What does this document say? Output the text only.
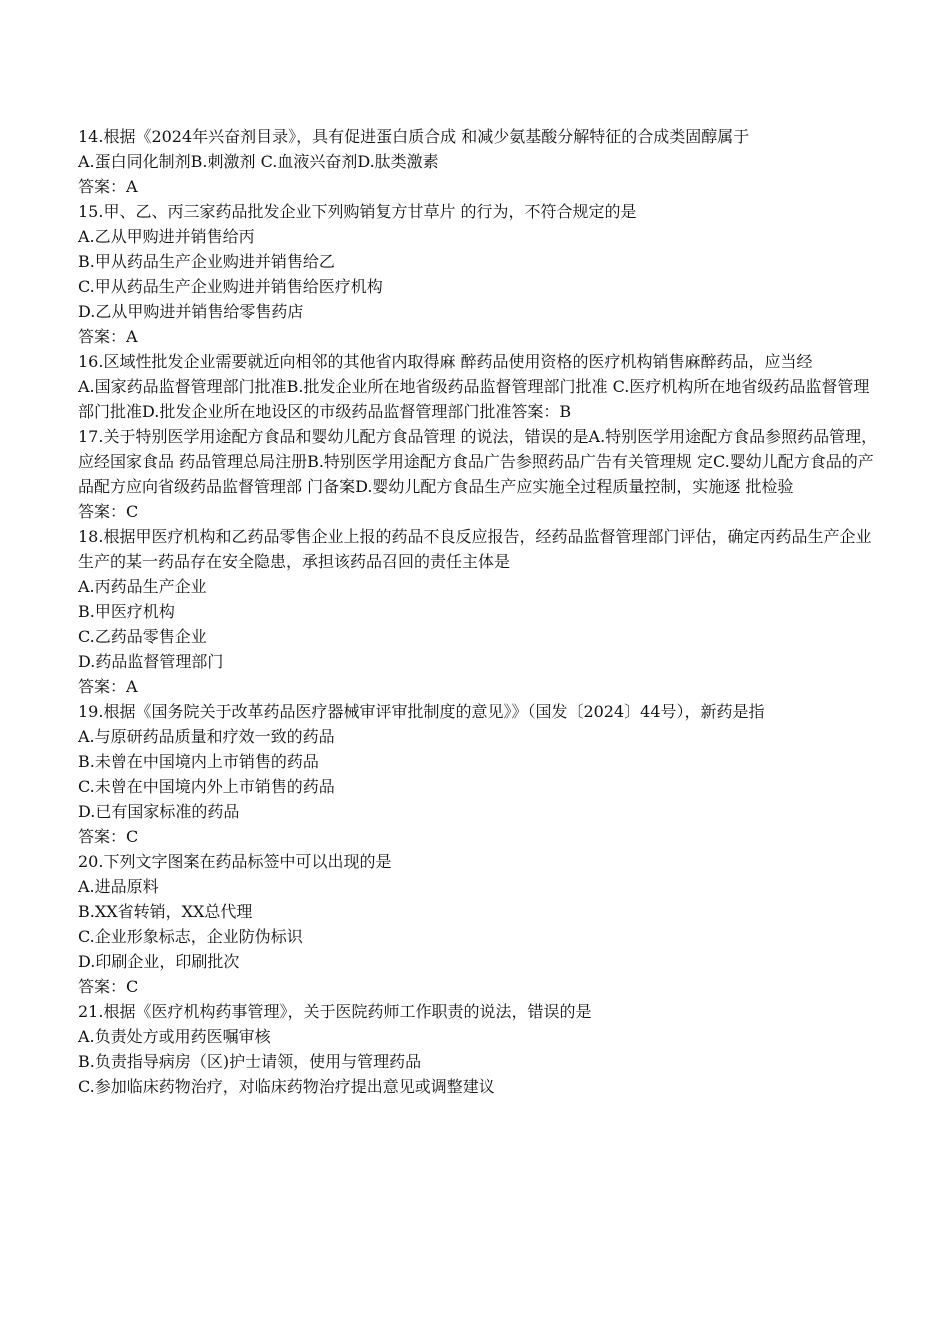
14.根据《2024年兴奋剂目录》，具有促进蛋白质合成 和减少氨基酸分解特征的合成类固醇属于

A.蛋白同化制剂B.刺激剂 C.血液兴奋剂D.肽类激素

答案：A

15.甲、乙、丙三家药品批发企业下列购销复方甘草片 的行为，不符合规定的是

A.乙从甲购进并销售给丙

B.甲从药品生产企业购进并销售给乙

C.甲从药品生产企业购进并销售给医疗机构

D.乙从甲购进并销售给零售药店

答案：A

16.区域性批发企业需要就近向相邻的其他省内取得麻 醉药品使用资格的医疗机构销售麻醉药品，应当经

A.国家药品监督管理部门批准B.批发企业所在地省级药品监督管理部门批准 C.医疗机构所在地省级药品监督管理部门批准D.批发企业所在地设区的市级药品监督管理部门批准答案：B

17.关于特别医学用途配方食品和婴幼儿配方食品管理 的说法，错误的是A.特别医学用途配方食品参照药品管理，应经国家食品 药品管理总局注册B.特别医学用途配方食品广告参照药品广告有关管理规 定C.婴幼儿配方食品的产品配方应向省级药品监督管理部 门备案D.婴幼儿配方食品生产应实施全过程质量控制，实施逐 批检验

答案：C

18.根据甲医疗机构和乙药品零售企业上报的药品不良反应报告，经药品监督管理部门评估，确定丙药品生产企业生产的某一药品存在安全隐患，承担该药品召回的责任主体是

A.丙药品生产企业

B.甲医疗机构

C.乙药品零售企业

D.药品监督管理部门

答案：A

19.根据《国务院关于改革药品医疗器械审评审批制度的意见》》（国发〔2024〕44号），新药是指

A.与原研药品质量和疗效一致的药品

B.未曾在中国境内上市销售的药品

C.未曾在中国境内外上市销售的药品

D.已有国家标准的药品

答案：C

20.下列文字图案在药品标签中可以出现的是

A.进品原料

B.XX省转销，XX总代理

C.企业形象标志，企业防伪标识

D.印刷企业，印刷批次

答案：C

21.根据《医疗机构药事管理》，关于医院药师工作职责的说法，错误的是

A.负责处方或用药医嘱审核

B.负责指导病房（区)护士请领，使用与管理药品

C.参加临床药物治疗，对临床药物治疗提出意见或调整建议
